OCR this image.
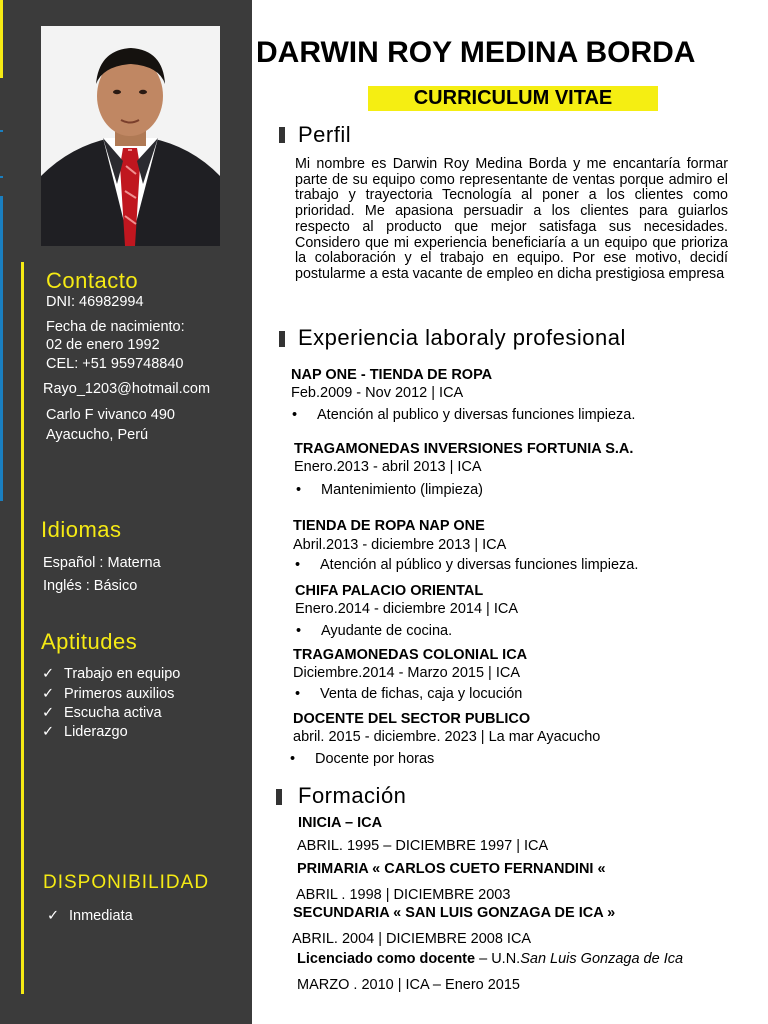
Contacto
DNI: 46982994
Fecha de nacimiento:
02 de enero 1992
CEL: +51 959748840
Rayo_1203@hotmail.com
Carlo F vivanco 490
Ayacucho, Perú
Idiomas
Español : Materna
Inglés : Básico
Aptitudes
✓ Trabajo en equipo
✓ Primeros auxilios
✓ Escucha activa
✓ Liderazgo
DISPONIBILIDAD
✓ Inmediata
DARWIN ROY MEDINA BORDA
CURRICULUM VITAE
Perfil

Mi nombre es Darwin Roy Medina Borda y me encantaría formar parte de su equipo como representante de ventas porque admiro el trabajo y trayectoria Tecnología al poner a los clientes como prioridad. Me apasiona persuadir a los clientes para guiarlos respecto al producto que mejor satisfaga sus necesidades. Considero que mi experiencia beneficiaría a un equipo que prioriza la colaboración y el trabajo en equipo. Por ese motivo, decidí postularme a esta vacante de empleo en dicha prestigiosa empresa

Experiencia laboraly profesional
NAP ONE - TIENDA DE ROPA
Feb.2009 - Nov 2012 | ICA
• Atención al publico y diversas funciones limpieza.
TRAGAMONEDAS INVERSIONES FORTUNIA S.A.
Enero.2013 - abril 2013 | ICA
• Mantenimiento (limpieza)
TIENDA DE ROPA NAP ONE
Abril.2013 - diciembre 2013 | ICA
• Atención al público y diversas funciones limpieza.
CHIFA PALACIO ORIENTAL
Enero.2014 - diciembre 2014 | ICA
• Ayudante de cocina.
TRAGAMONEDAS COLONIAL ICA
Diciembre.2014 - Marzo 2015 | ICA
• Venta de fichas, caja y locución
DOCENTE DEL SECTOR PUBLICO
abril. 2015 - diciembre. 2023 | La mar Ayacucho
• Docente por horas
Formación
INICIA – ICA
ABRIL. 1995 – DICIEMBRE 1997 | ICA
PRIMARIA « CARLOS CUETO FERNANDINI «
ABRIL . 1998 | DICIEMBRE 2003
SECUNDARIA « SAN LUIS GONZAGA DE ICA »
ABRIL. 2004 | DICIEMBRE 2008 ICA
Licenciado como docente – U.N.San Luis Gonzaga de Ica
MARZO . 2010 | ICA – Enero 2015
